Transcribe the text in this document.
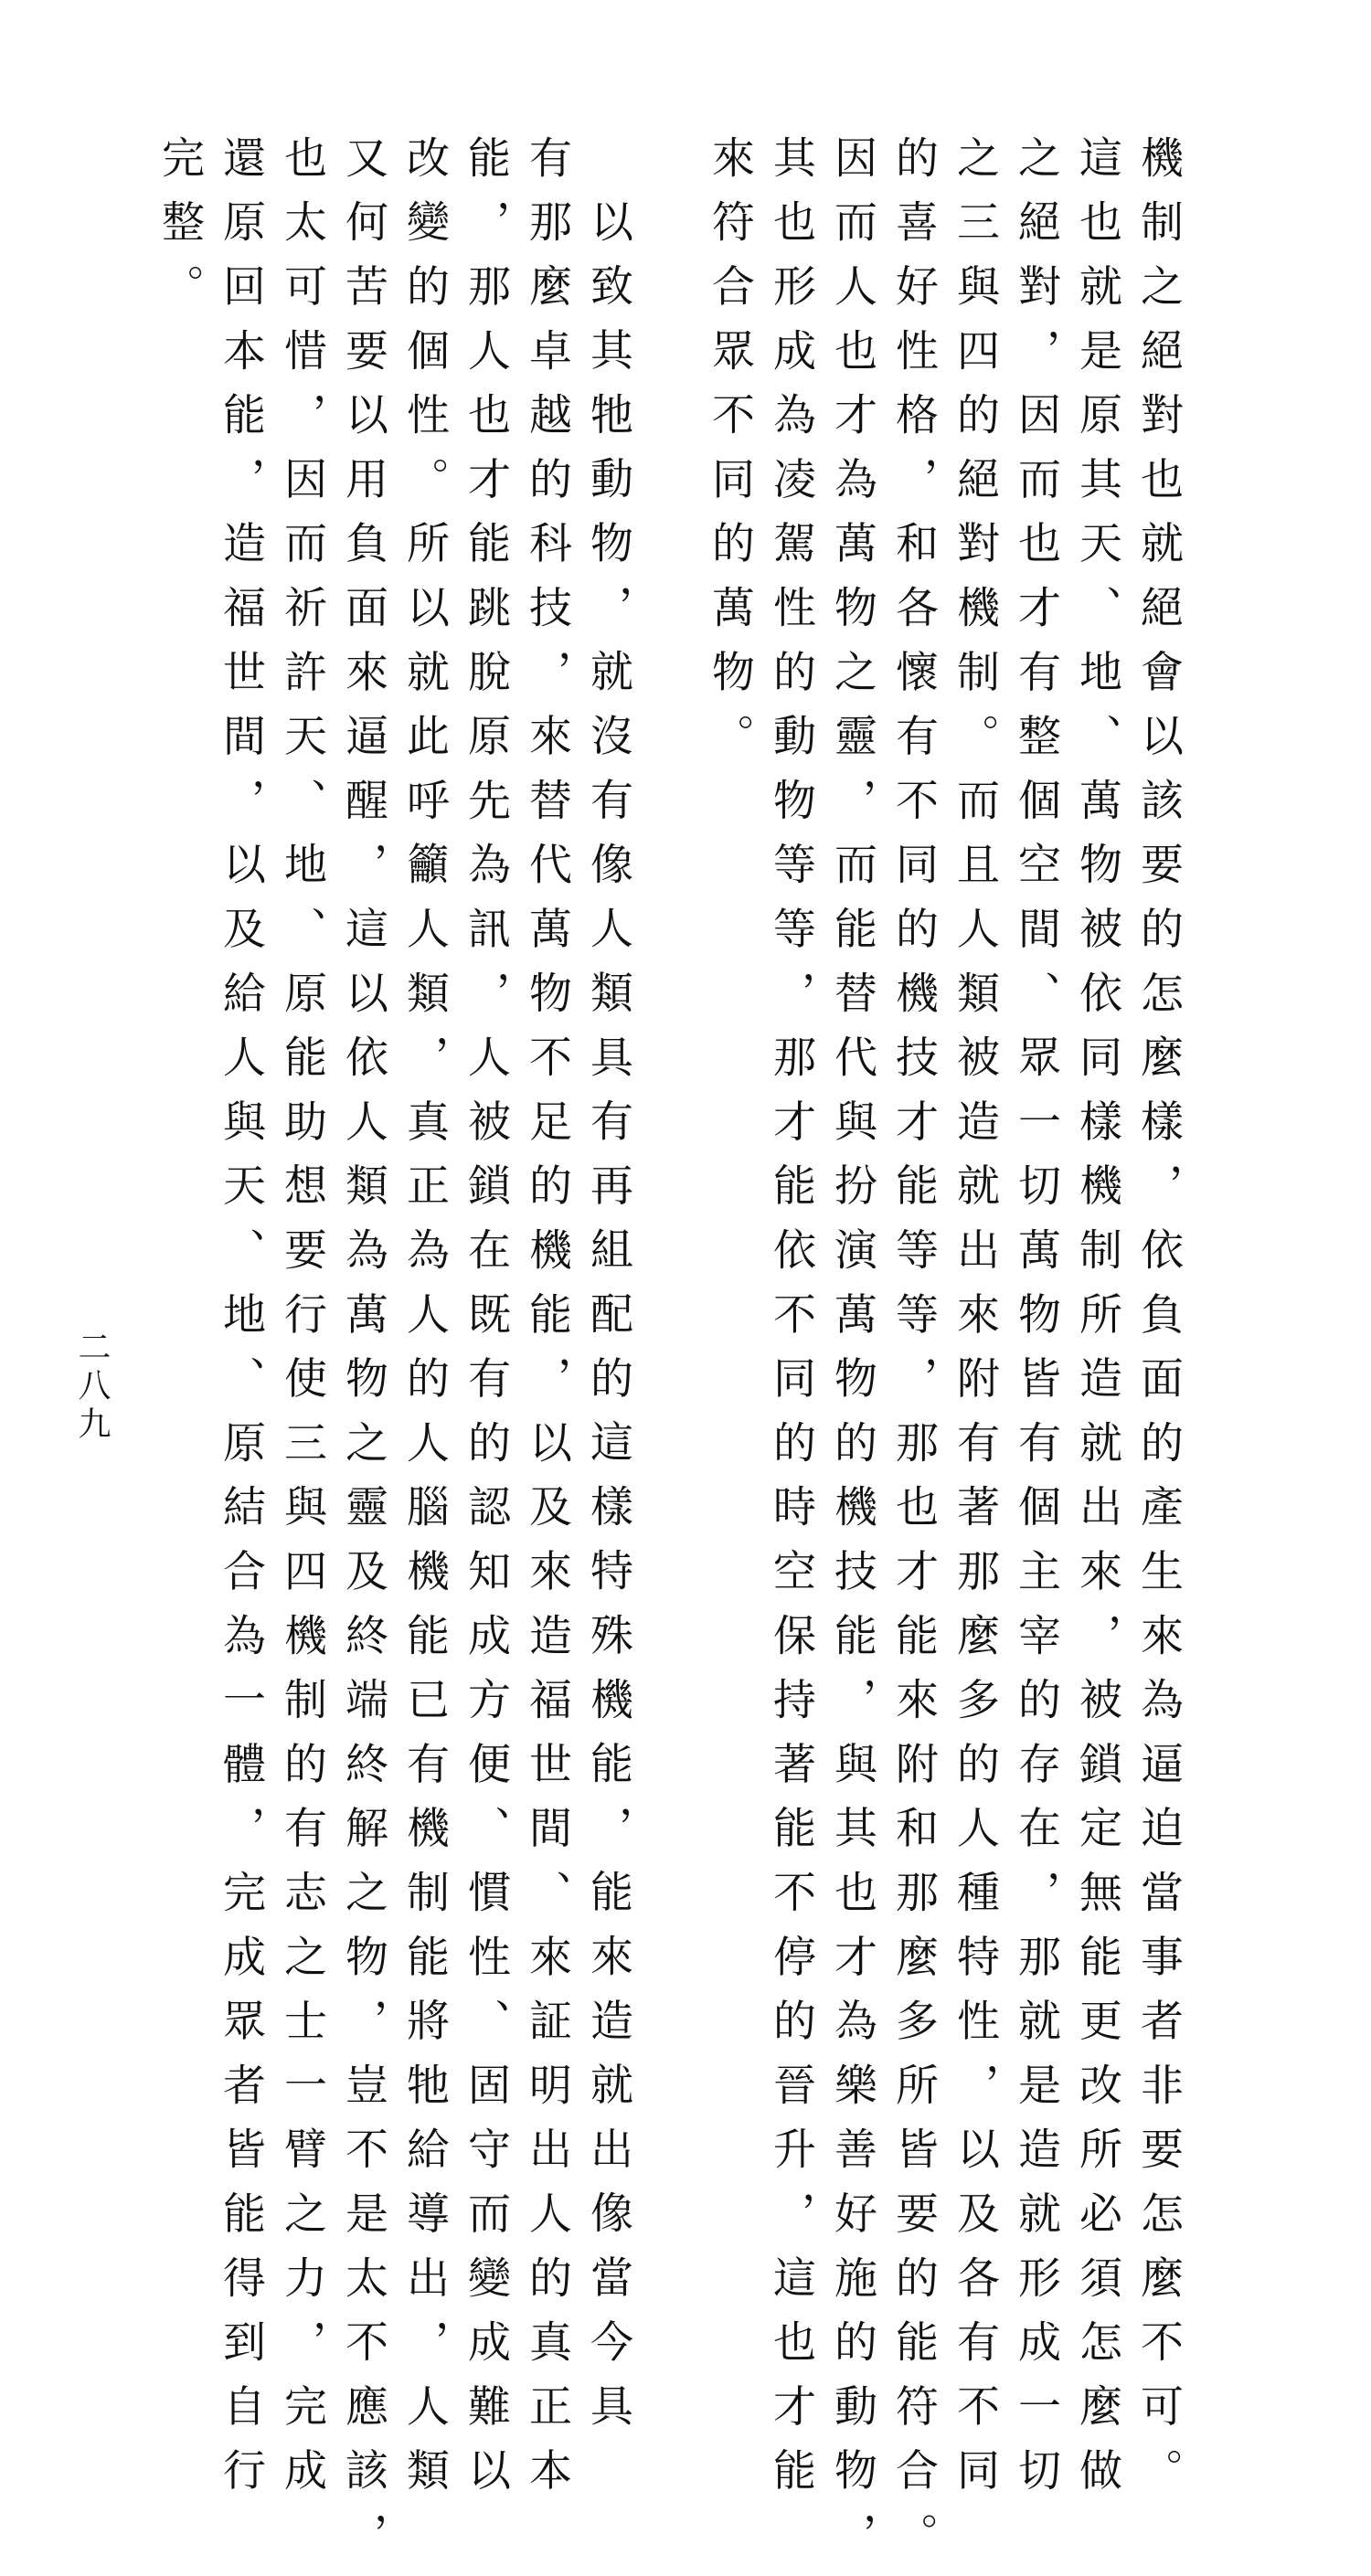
機制之絕對也就絕會以該要的怎麼樣，依負面的產生來為逼迫當事者非要怎麼不可。
這也就是原其天、地、萬物被依同樣機制所造就出來，被鎖定無能更改所必須怎麼做
之絕對，因而也才有整個空間、眾一切萬物皆有個主宰的存在，那就是造就形成一切
之三與四的絕對機制。而且人類被造就出來附有著那麼多的人種特性，以及各有不同
的喜好性格，和各懷有不同的機技才能等等，那也才能來附和那麼多所皆要的能符合。
因而人也才為萬物之靈，而能替代與扮演萬物的機技能，與其也才為樂善好施的動物，
其也形成為凌駕性的動物等等，那才能依不同的時空保持著能不停的晉升，這也才能
來符合眾不同的萬物。
以致其牠動物，就沒有像人類具有再組配的這樣特殊機能，能來造就出像當今具
有那麼卓越的科技，來替代萬物不足的機能，以及來造福世間、來証明出人的真正本
能，那人也才能跳脫原先為訊，人被鎖在既有的認知成方便、慣性、固守而變成難以
改變的個性。所以就此呼籲人類，真正為人的人腦機能已有機制能將牠給導出，人類
又何苦要以用負面來逼醒，這以依人類為萬物之靈及終端終解之物，豈不是太不應該，
也太可惜，因而祈許天、地、原能助想要行使三與四機制的有志之士一臂之力，完成
還原回本能，造福世間，以及給人與天、地、原結合為一體，完成眾者皆能得到自行
完整。
二八九
